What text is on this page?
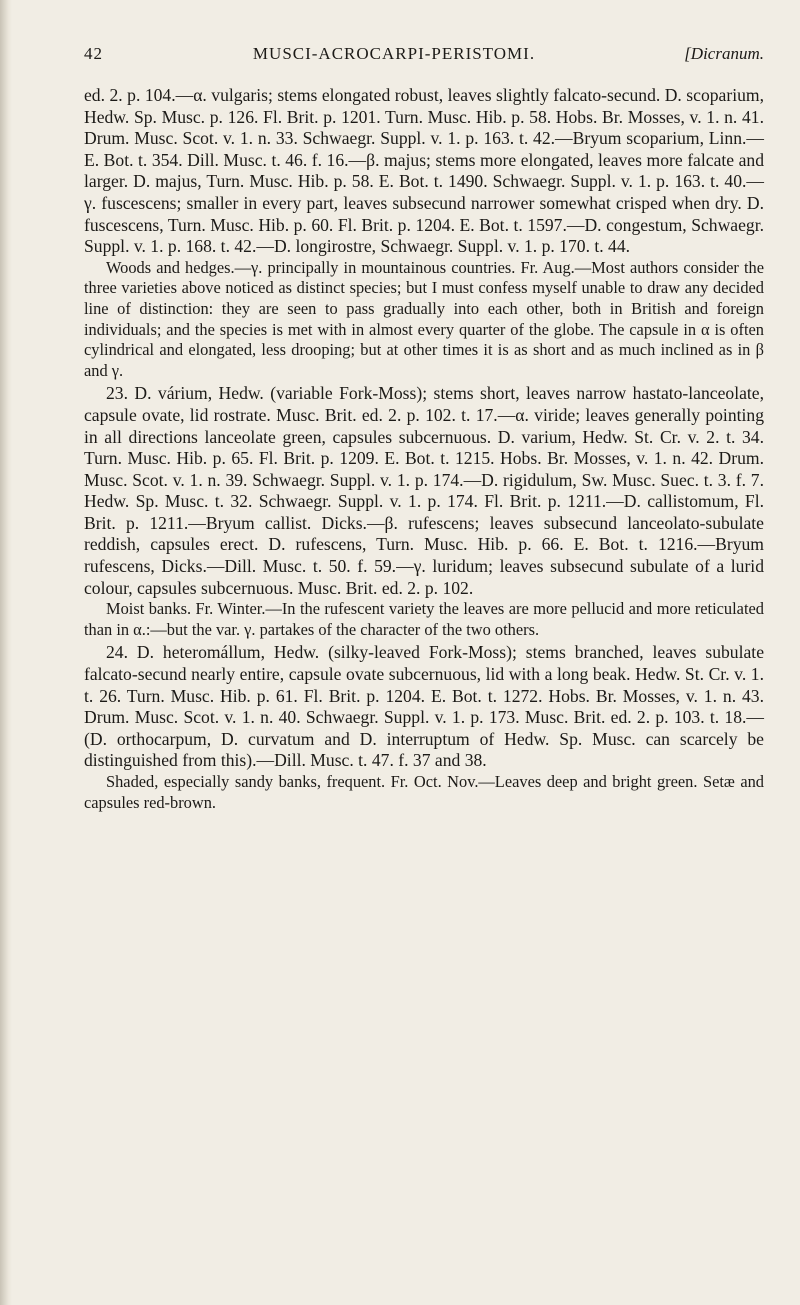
42	MUSCI-ACROCARPI-PERISTOMI.	[Dicranum.

ed. 2. p. 104.—α. vulgaris; stems elongated robust, leaves slightly falcato-secund. D. scoparium, Hedw. Sp. Musc. p. 126. Fl. Brit. p. 1201. Turn. Musc. Hib. p. 58. Hobs. Br. Mosses, v. 1. n. 41. Drum. Musc. Scot. v. 1. n. 33. Schwaegr. Suppl. v. 1. p. 163. t. 42.—Bryum scoparium, Linn.—E. Bot. t. 354. Dill. Musc. t. 46. f. 16.—β. majus; stems more elongated, leaves more falcate and larger. D. majus, Turn. Musc. Hib. p. 58. E. Bot. t. 1490. Schwaegr. Suppl. v. 1. p. 163. t. 40.—γ. fuscescens; smaller in every part, leaves subsecund narrower somewhat crisped when dry. D. fuscescens, Turn. Musc. Hib. p. 60. Fl. Brit. p. 1204. E. Bot. t. 1597.—D. congestum, Schwaegr. Suppl. v. 1. p. 168. t. 42.—D. longirostre, Schwaegr. Suppl. v. 1. p. 170. t. 44.

Woods and hedges.—γ. principally in mountainous countries. Fr. Aug.—Most authors consider the three varieties above noticed as distinct species; but I must confess myself unable to draw any decided line of distinction: they are seen to pass gradually into each other, both in British and foreign individuals; and the species is met with in almost every quarter of the globe. The capsule in α is often cylindrical and elongated, less drooping; but at other times it is as short and as much inclined as in β and γ.

23. D. várium, Hedw. (variable Fork-Moss); stems short, leaves narrow hastato-lanceolate, capsule ovate, lid rostrate. Musc. Brit. ed. 2. p. 102. t. 17.—α. viride; leaves generally pointing in all directions lanceolate green, capsules subcernuous. D. varium, Hedw. St. Cr. v. 2. t. 34. Turn. Musc. Hib. p. 65. Fl. Brit. p. 1209. E. Bot. t. 1215. Hobs. Br. Mosses, v. 1. n. 42. Drum. Musc. Scot. v. 1. n. 39. Schwaegr. Suppl. v. 1. p. 174.—D. rigidulum, Sw. Musc. Suec. t. 3. f. 7. Hedw. Sp. Musc. t. 32. Schwaegr. Suppl. v. 1. p. 174. Fl. Brit. p. 1211.—D. callistomum, Fl. Brit. p. 1211.—Bryum callist. Dicks.—β. rufescens; leaves subsecund lanceolato-subulate reddish, capsules erect. D. rufescens, Turn. Musc. Hib. p. 66. E. Bot. t. 1216.—Bryum rufescens, Dicks.—Dill. Musc. t. 50. f. 59.—γ. luridum; leaves subsecund subulate of a lurid colour, capsules subcernuous. Musc. Brit. ed. 2. p. 102.

Moist banks. Fr. Winter.—In the rufescent variety the leaves are more pellucid and more reticulated than in α.:—but the var. γ. partakes of the character of the two others.

24. D. heteromállum, Hedw. (silky-leaved Fork-Moss); stems branched, leaves subulate falcato-secund nearly entire, capsule ovate subcernuous, lid with a long beak. Hedw. St. Cr. v. 1. t. 26. Turn. Musc. Hib. p. 61. Fl. Brit. p. 1204. E. Bot. t. 1272. Hobs. Br. Mosses, v. 1. n. 43. Drum. Musc. Scot. v. 1. n. 40. Schwaegr. Suppl. v. 1. p. 173. Musc. Brit. ed. 2. p. 103. t. 18.—(D. orthocarpum, D. curvatum and D. interruptum of Hedw. Sp. Musc. can scarcely be distinguished from this).—Dill. Musc. t. 47. f. 37 and 38.

Shaded, especially sandy banks, frequent. Fr. Oct. Nov.—Leaves deep and bright green. Setæ and capsules red-brown.
